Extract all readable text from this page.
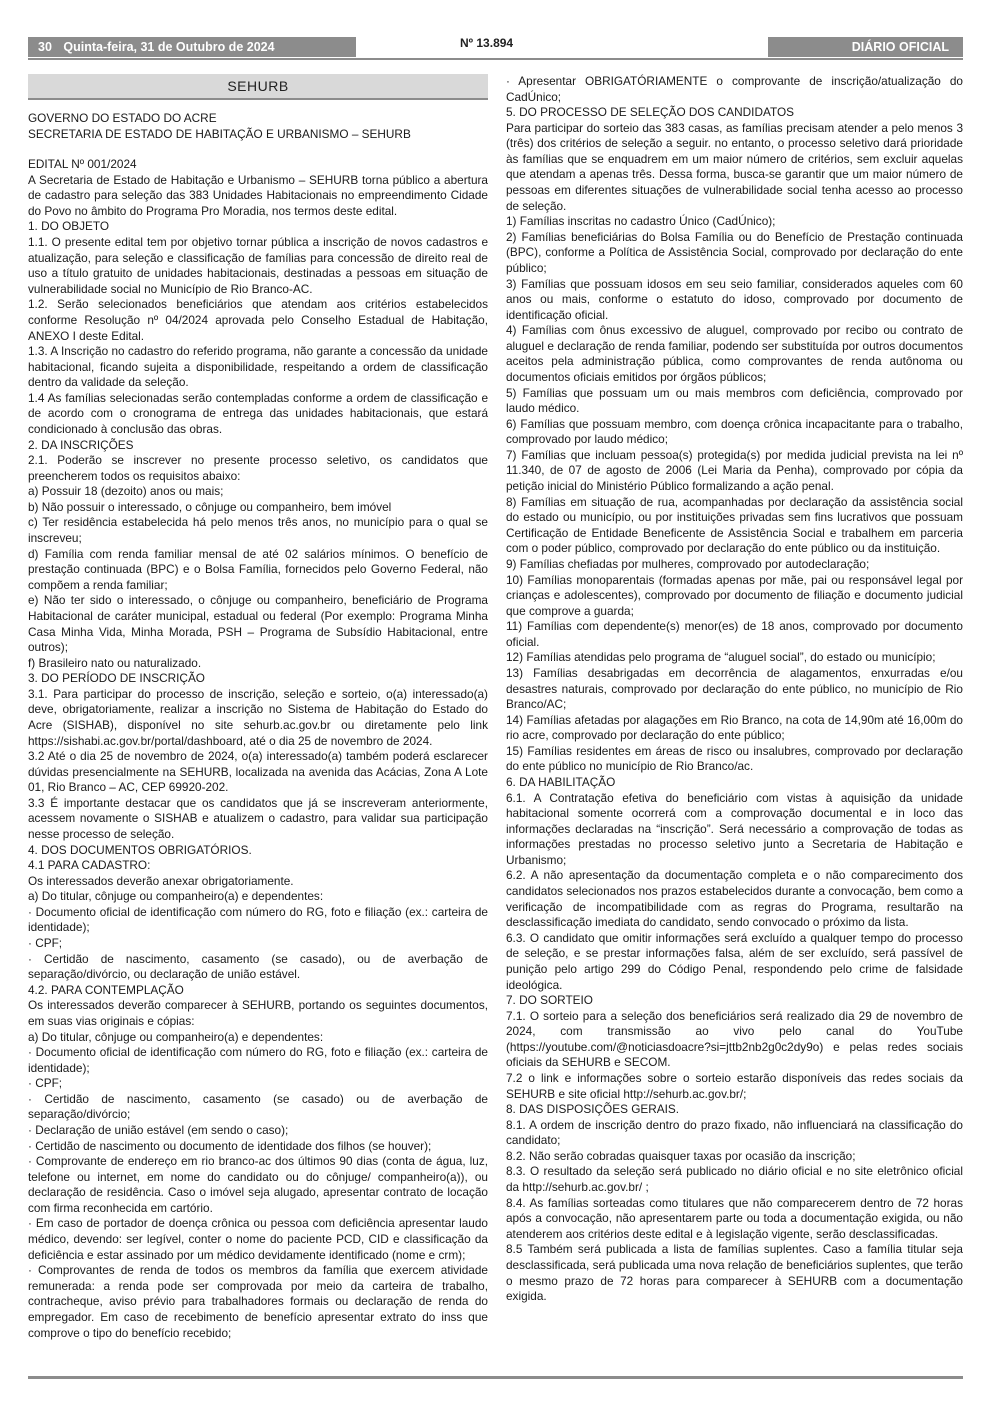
30 Quinta-feira, 31 de Outubro de 2024	Nº 13.894	DIÁRIO OFICIAL
SEHURB

GOVERNO DO ESTADO DO ACRE

SECRETARIA DE ESTADO DE HABITAÇÃO E URBANISMO – SEHURB

EDITAL Nº 001/2024

A Secretaria de Estado de Habitação e Urbanismo – SEHURB torna público a abertura de cadastro para seleção das 383 Unidades Habitacionais no empreendimento Cidade do Povo no âmbito do Programa Pro Moradia, nos termos deste edital.

1. DO OBJETO

1.1. O presente edital tem por objetivo tornar pública a inscrição de novos cadastros e atualização, para seleção e classificação de famílias para concessão de direito real de uso a título gratuito de unidades habitacionais, destinadas a pessoas em situação de vulnerabilidade social no Município de Rio Branco-AC.

1.2. Serão selecionados beneficiários que atendam aos critérios estabelecidos conforme Resolução nº 04/2024 aprovada pelo Conselho Estadual de Habitação, ANEXO I deste Edital.

1.3. A Inscrição no cadastro do referido programa, não garante a concessão da unidade habitacional, ficando sujeita a disponibilidade, respeitando a ordem de classificação dentro da validade da seleção.

1.4 As famílias selecionadas serão contempladas conforme a ordem de classificação e de acordo com o cronograma de entrega das unidades habitacionais, que estará condicionado à conclusão das obras.

2. DA INSCRIÇÕES

2.1. Poderão se inscrever no presente processo seletivo, os candidatos que preencherem todos os requisitos abaixo:

a) Possuir 18 (dezoito) anos ou mais;

b) Não possuir o interessado, o cônjuge ou companheiro, bem imóvel

c) Ter residência estabelecida há pelo menos três anos, no município para o qual se inscreveu;

d) Família com renda familiar mensal de até 02 salários mínimos. O benefício de prestação continuada (BPC) e o Bolsa Família, fornecidos pelo Governo Federal, não compõem a renda familiar;

e) Não ter sido o interessado, o cônjuge ou companheiro, beneficiário de Programa Habitacional de caráter municipal, estadual ou federal (Por exemplo: Programa Minha Casa Minha Vida, Minha Morada, PSH – Programa de Subsídio Habitacional, entre outros);

f) Brasileiro nato ou naturalizado.

3. DO PERÍODO DE INSCRIÇÃO

3.1. Para participar do processo de inscrição, seleção e sorteio, o(a) interessado(a) deve, obrigatoriamente, realizar a inscrição no Sistema de Habitação do Estado do Acre (SISHAB), disponível no site sehurb.ac.gov.br ou diretamente pelo link https://sishabi.ac.gov.br/portal/dashboard, até o dia 25 de novembro de 2024.

3.2 Até o dia 25 de novembro de 2024, o(a) interessado(a) também poderá esclarecer dúvidas presencialmente na SEHURB, localizada na avenida das Acácias, Zona A Lote 01, Rio Branco – AC, CEP 69920-202.

3.3 É importante destacar que os candidatos que já se inscreveram anteriormente, acessem novamente o SISHAB e atualizem o cadastro, para validar sua participação nesse processo de seleção.

4. DOS DOCUMENTOS OBRIGATÓRIOS.

4.1 PARA CADASTRO:

Os interessados deverão anexar obrigatoriamente.

a) Do titular, cônjuge ou companheiro(a) e dependentes:

· Documento oficial de identificação com número do RG, foto e filiação (ex.: carteira de identidade);

· CPF;

· Certidão de nascimento, casamento (se casado), ou de averbação de separação/divórcio, ou declaração de união estável.

4.2. PARA CONTEMPLAÇÃO

Os interessados deverão comparecer à SEHURB, portando os seguintes documentos, em suas vias originais e cópias:

a) Do titular, cônjuge ou companheiro(a) e dependentes:

· Documento oficial de identificação com número do RG, foto e filiação (ex.: carteira de identidade);

· CPF;

· Certidão de nascimento, casamento (se casado) ou de averbação de separação/divórcio;

· Declaração de união estável (em sendo o caso);

· Certidão de nascimento ou documento de identidade dos filhos (se houver);

· Comprovante de endereço em rio branco-ac dos últimos 90 dias (conta de água, luz, telefone ou internet, em nome do candidato ou do cônjuge/ companheiro(a)), ou declaração de residência. Caso o imóvel seja alugado, apresentar contrato de locação com firma reconhecida em cartório.

· Em caso de portador de doença crônica ou pessoa com deficiência apresentar laudo médico, devendo: ser legível, conter o nome do paciente PCD, CID e classificação da deficiência e estar assinado por um médico devidamente identificado (nome e crm);

· Comprovantes de renda de todos os membros da família que exercem atividade remunerada: a renda pode ser comprovada por meio da carteira de trabalho, contracheque, aviso prévio para trabalhadores formais ou declaração de renda do empregador. Em caso de recebimento de benefício apresentar extrato do inss que comprove o tipo do benefício recebido;

· Apresentar OBRIGATÓRIAMENTE o comprovante de inscrição/atualização do CadÚnico;

5. DO PROCESSO DE SELEÇÃO DOS CANDIDATOS

Para participar do sorteio das 383 casas, as famílias precisam atender a pelo menos 3 (três) dos critérios de seleção a seguir. no entanto, o processo seletivo dará prioridade às famílias que se enquadrem em um maior número de critérios, sem excluir aquelas que atendam a apenas três. Dessa forma, busca-se garantir que um maior número de pessoas em diferentes situações de vulnerabilidade social tenha acesso ao processo de seleção.

1) Famílias inscritas no cadastro Único (CadÚnico);

2) Famílias beneficiárias do Bolsa Família ou do Benefício de Prestação continuada (BPC), conforme a Política de Assistência Social, comprovado por declaração do ente público;

3) Famílias que possuam idosos em seu seio familiar, considerados aqueles com 60 anos ou mais, conforme o estatuto do idoso, comprovado por documento de identificação oficial.

4) Famílias com ônus excessivo de aluguel, comprovado por recibo ou contrato de aluguel e declaração de renda familiar, podendo ser substituída por outros documentos aceitos pela administração pública, como comprovantes de renda autônoma ou documentos oficiais emitidos por órgãos públicos;

5) Famílias que possuam um ou mais membros com deficiência, comprovado por laudo médico.

6) Famílias que possuam membro, com doença crônica incapacitante para o trabalho, comprovado por laudo médico;

7) Famílias que incluam pessoa(s) protegida(s) por medida judicial prevista na lei nº 11.340, de 07 de agosto de 2006 (Lei Maria da Penha), comprovado por cópia da petição inicial do Ministério Público formalizando a ação penal.

8) Famílias em situação de rua, acompanhadas por declaração da assistência social do estado ou município, ou por instituições privadas sem fins lucrativos que possuam Certificação de Entidade Beneficente de Assistência Social e trabalhem em parceria com o poder público, comprovado por declaração do ente público ou da instituição.

9) Famílias chefiadas por mulheres, comprovado por autodeclaração;

10) Famílias monoparentais (formadas apenas por mãe, pai ou responsável legal por crianças e adolescentes), comprovado por documento de filiação e documento judicial que comprove a guarda;

11) Famílias com dependente(s) menor(es) de 18 anos, comprovado por documento oficial.

12) Famílias atendidas pelo programa de “aluguel social”, do estado ou município;

13) Famílias desabrigadas em decorrência de alagamentos, enxurradas e/ou desastres naturais, comprovado por declaração do ente público, no município de Rio Branco/AC;

14) Famílias afetadas por alagações em Rio Branco, na cota de 14,90m até 16,00m do rio acre, comprovado por declaração do ente público;

15) Famílias residentes em áreas de risco ou insalubres, comprovado por declaração do ente público no município de Rio Branco/ac.

6. DA HABILITAÇÃO

6.1. A Contratação efetiva do beneficiário com vistas à aquisição da unidade habitacional somente ocorrerá com a comprovação documental e in loco das informações declaradas na “inscrição”. Será necessário a comprovação de todas as informações prestadas no processo seletivo junto a Secretaria de Habitação e Urbanismo;

6.2. A não apresentação da documentação completa e o não comparecimento dos candidatos selecionados nos prazos estabelecidos durante a convocação, bem como a verificação de incompatibilidade com as regras do Programa, resultarão na desclassificação imediata do candidato, sendo convocado o próximo da lista.

6.3. O candidato que omitir informações será excluído a qualquer tempo do processo de seleção, e se prestar informações falsa, além de ser excluído, será passível de punição pelo artigo 299 do Código Penal, respondendo pelo crime de falsidade ideológica.

7. DO SORTEIO

7.1. O sorteio para a seleção dos beneficiários será realizado dia 29 de novembro de 2024, com transmissão ao vivo pelo canal do YouTube (https://youtube.com/@noticiasdoacre?si=jttb2nb2g0c2dy9o) e pelas redes sociais oficiais da SEHURB e SECOM.

7.2 o link e informações sobre o sorteio estarão disponíveis das redes sociais da SEHURB e site oficial http://sehurb.ac.gov.br/;

8. DAS DISPOSIÇÕES GERAIS.

8.1. A ordem de inscrição dentro do prazo fixado, não influenciará na classificação do candidato;

8.2. Não serão cobradas quaisquer taxas por ocasião da inscrição;

8.3. O resultado da seleção será publicado no diário oficial e no site eletrônico oficial da http://sehurb.ac.gov.br/ ;

8.4. As famílias sorteadas como titulares que não comparecerem dentro de 72 horas após a convocação, não apresentarem parte ou toda a documentação exigida, ou não atenderem aos critérios deste edital e à legislação vigente, serão desclassificadas.

8.5 Também será publicada a lista de famílias suplentes. Caso a família titular seja desclassificada, será publicada uma nova relação de beneficiários suplentes, que terão o mesmo prazo de 72 horas para comparecer à SEHURB com a documentação exigida.
